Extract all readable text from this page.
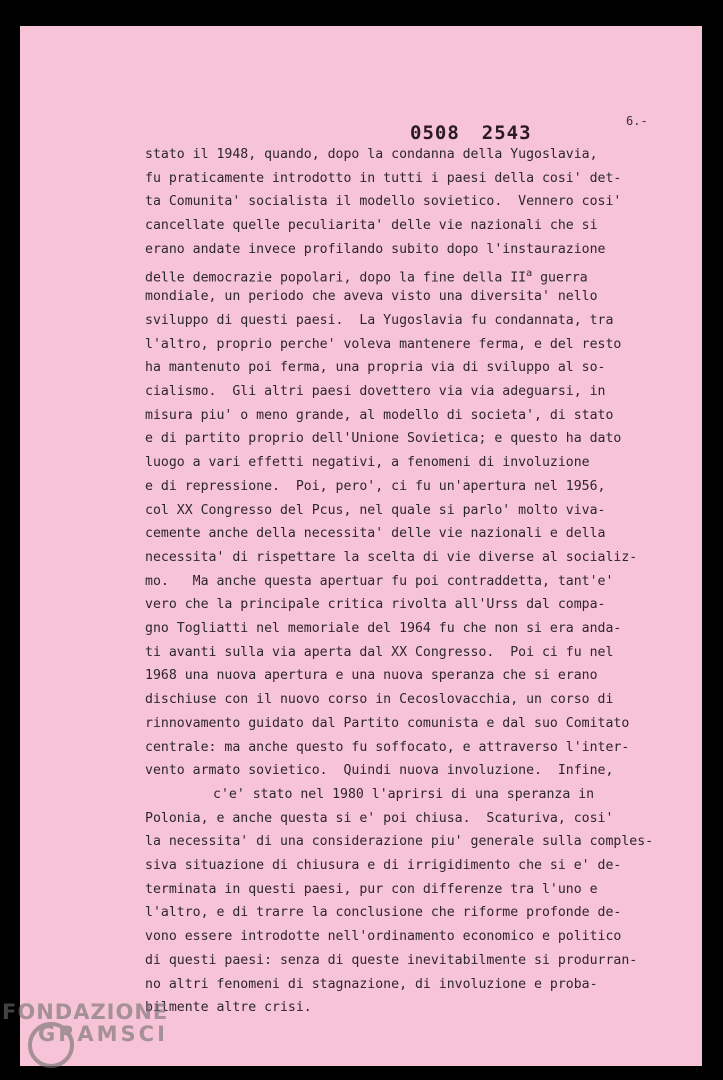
6.-
0508 2543
stato il 1948, quando, dopo la condanna della Yugoslavia,
fu praticamente introdotto in tutti i paesi della cosi' det-
ta Comunita' socialista il modello sovietico.  Vennero cosi'
cancellate quelle peculiarita' delle vie nazionali che si
erano andate invece profilando subito dopo l'instaurazione
delle democrazie popolari, dopo la fine della $II^a$ guerra
mondiale, un periodo che aveva visto una diversita' nello
sviluppo di questi paesi.  La Yugoslavia fu condannata, tra
l'altro, proprio perche' voleva mantenere ferma, e del resto
ha mantenuto poi ferma, una propria via di sviluppo al so-
cialismo.  Gli altri paesi dovettero via via adeguarsi, in
misura piu' o meno grande, al modello di societa', di stato
e di partito proprio dell'Unione Sovietica; e questo ha dato
luogo a vari effetti negativi, a fenomeni di involuzione
e di repressione.  Poi, pero', ci fu un'apertura nel 1956,
col XX Congresso del Pcus, nel quale si parlo' molto viva-
cemente anche della necessita' delle vie nazionali e della
necessita' di rispettare la scelta di vie diverse al socializ-
mo.   Ma anche questa apertuar fu poi contraddetta, tant'e'
vero che la principale critica rivolta all'Urss dal compa-
gno Togliatti nel memoriale del 1964 fu che non si era anda-
ti avanti sulla via aperta dal XX Congresso.  Poi ci fu nel
1968 una nuova apertura e una nuova speranza che si erano
dischiuse con il nuovo corso in Cecoslovacchia, un corso di
rinnovamento guidato dal Partito comunista e dal suo Comitato
centrale: ma anche questo fu soffocato, e attraverso l'inter-
vento armato sovietico.  Quindi nuova involuzione.  Infine,
c'e' stato nel 1980 l'aprirsi di una speranza in
Polonia, e anche questa si e' poi chiusa.  Scaturiva, cosi'
la necessita' di una considerazione piu' generale sulla comples-
siva situazione di chiusura e di irrigidimento che si e' de-
terminata in questi paesi, pur con differenze tra l'uno e
l'altro, e di trarre la conclusione che riforme profonde de-
vono essere introdotte nell'ordinamento economico e politico
di questi paesi: senza di queste inevitabilmente si produrran-
no altri fenomeni di stagnazione, di involuzione e proba-
bilmente altre crisi.
FONDAZIONE
GRAMSCI
